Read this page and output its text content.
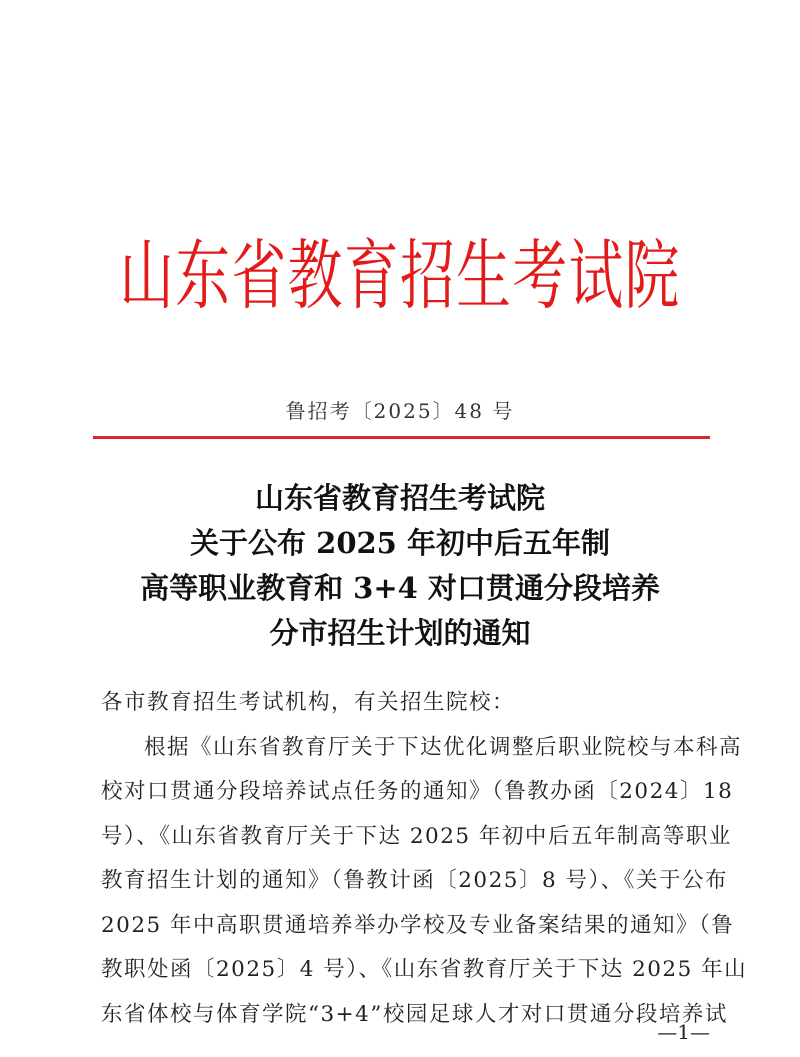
山东省教育招生考试院
鲁招考〔2025〕48 号
山东省教育招生考试院
关于公布 2025 年初中后五年制
高等职业教育和 3+4 对口贯通分段培养
分市招生计划的通知
各市教育招生考试机构，有关招生院校：
根据《山东省教育厅关于下达优化调整后职业院校与本科高
校对口贯通分段培养试点任务的通知》（鲁教办函〔2024〕18
号）、《山东省教育厅关于下达 2025 年初中后五年制高等职业
教育招生计划的通知》（鲁教计函〔2025〕8 号）、《关于公布
2025 年中高职贯通培养举办学校及专业备案结果的通知》（鲁
教职处函〔2025〕4 号）、《山东省教育厅关于下达 2025 年山
东省体校与体育学院“3+4”校园足球人才对口贯通分段培养试
—1—
